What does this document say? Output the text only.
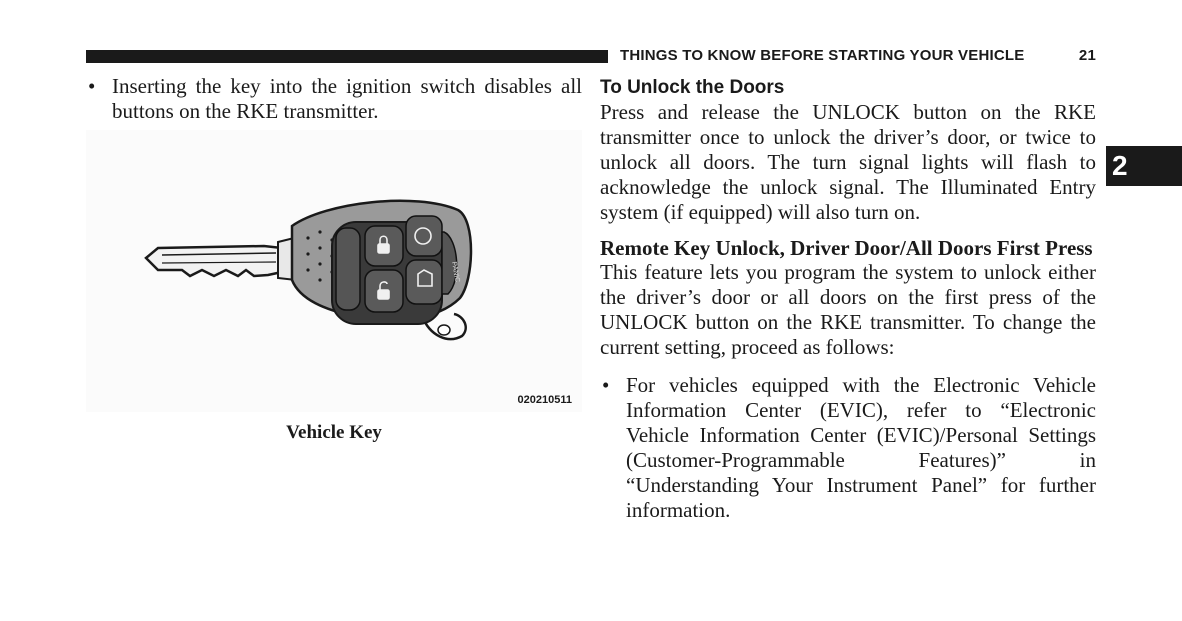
THINGS TO KNOW BEFORE STARTING YOUR VEHICLE	21
2
• Inserting the key into the ignition switch disables all buttons on the RKE transmitter.
PANIC
020210511
Vehicle Key
To Unlock the Doors

Press and release the UNLOCK button on the RKE transmitter once to unlock the driver’s door, or twice to unlock all doors. The turn signal lights will flash to acknowledge the unlock signal. The Illuminated Entry system (if equipped) will also turn on.

Remote Key Unlock, Driver Door/All Doors First Press

This feature lets you program the system to unlock either the driver’s door or all doors on the first press of the UNLOCK button on the RKE transmitter. To change the current setting, proceed as follows:

• For vehicles equipped with the Electronic Vehicle Information Center (EVIC), refer to “Electronic Vehicle Information Center (EVIC)/Personal Settings (Customer-Programmable Features)” in “Understanding Your Instrument Panel” for further information.
